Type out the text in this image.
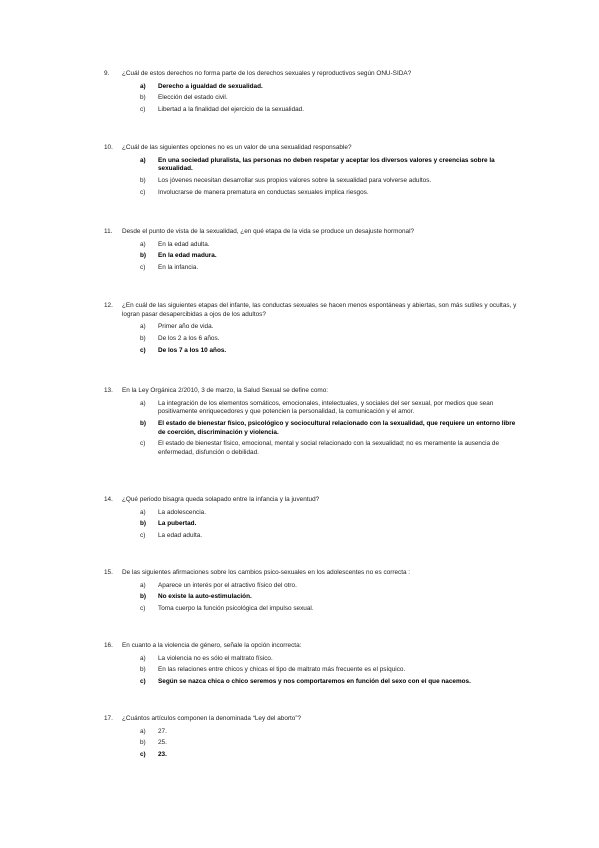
9.	¿Cuál de estos derechos no forma parte de los derechos sexuales y reproductivos según ONU-SIDA?
a)	Derecho a igualdad de sexualidad.
b)	Elección del estado civil.
c)	Libertad a la finalidad del ejercicio de la sexualidad.
10.	¿Cuál de las siguientes opciones no es un valor de una sexualidad responsable?
a)	En una sociedad pluralista, las personas no deben respetar y aceptar los diversos valores y creencias sobre la sexualidad.
b)	Los jóvenes necesitan desarrollar sus propios valores sobre la sexualidad para volverse adultos.
c)	Involucrarse de manera prematura en conductas sexuales implica riesgos.
11.	Desde el punto de vista de la sexualidad, ¿en qué etapa de la vida se produce un desajuste hormonal?
a)	En la edad adulta.
b)	En la edad madura.
c)	En la infancia.
12.	¿En cuál de las siguientes etapas del infante, las conductas sexuales se hacen menos espontáneas y abiertas, son más sutiles y ocultas, y logran pasar desapercibidas a ojos de los adultos?
a)	Primer año de vida.
b)	De los 2 a los 6 años.
c)	De los 7 a los 10 años.
13.	En la Ley Orgánica 2/2010, 3 de marzo, la Salud Sexual se define como:
a)	La integración de los elementos somáticos, emocionales, intelectuales, y sociales del ser sexual, por medios que sean positivamente enriquecedores y que potencien la personalidad, la comunicación y el amor.
b)	El estado de bienestar físico, psicológico y sociocultural relacionado con la sexualidad, que requiere un entorno libre de coerción, discriminación y violencia.
c)	El estado de bienestar físico, emocional, mental y social relacionado con la sexualidad; no es meramente la ausencia de enfermedad, disfunción o debilidad.
14.	¿Qué periodo bisagra queda solapado entre la infancia y la juventud?
a)	La adolescencia.
b)	La pubertad.
c)	La edad adulta.
15.	De las siguientes afirmaciones sobre los cambios psico-sexuales en los adolescentes no es correcta :
a)	Aparece un interés por el atractivo físico del otro.
b)	No existe la auto-estimulación.
c)	Toma cuerpo la función psicológica del impulso sexual.
16.	En cuanto a la violencia de género, señale la opción incorrecta:
a)	La violencia no es sólo el maltrato físico.
b)	En las relaciones entre chicos y chicas el tipo de maltrato más frecuente es el psíquico.
c)	Según se nazca chica o chico seremos y nos comportaremos en función del sexo con el que nacemos.
17.	¿Cuántos artículos componen la denominada “Ley del aborto”?
a)	27.
b)	25.
c)	23.
